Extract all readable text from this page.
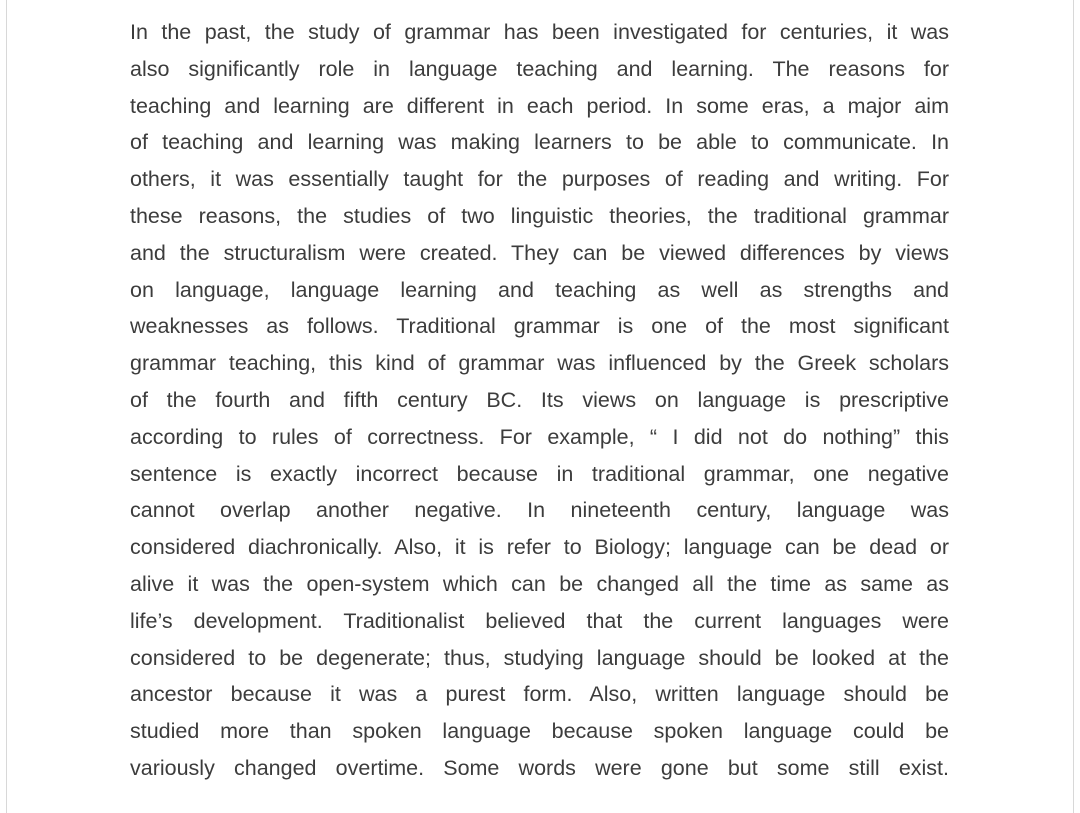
In the past, the study of grammar has been investigated for centuries, it was
also significantly role in language teaching and learning. The reasons for
teaching and learning are different in each period. In some eras, a major aim
of teaching and learning was making learners to be able to communicate. In
others, it was essentially taught for the purposes of reading and writing. For
these reasons, the studies of two linguistic theories, the traditional grammar
and the structuralism were created. They can be viewed differences by views
on language, language learning and teaching as well as strengths and
weaknesses as follows. Traditional grammar is one of the most significant
grammar teaching, this kind of grammar was influenced by the Greek scholars
of the fourth and fifth century BC. Its views on language is prescriptive
according to rules of correctness. For example, “ I did not do nothing” this
sentence is exactly incorrect because in traditional grammar, one negative
cannot overlap another negative. In nineteenth century, language was
considered diachronically. Also, it is refer to Biology; language can be dead or
alive it was the open-system which can be changed all the time as same as
life’s development. Traditionalist believed that the current languages were
considered to be degenerate; thus, studying language should be looked at the
ancestor because it was a purest form. Also, written language should be
studied more than spoken language because spoken language could be
variously changed overtime. Some words were gone but some still exist.
